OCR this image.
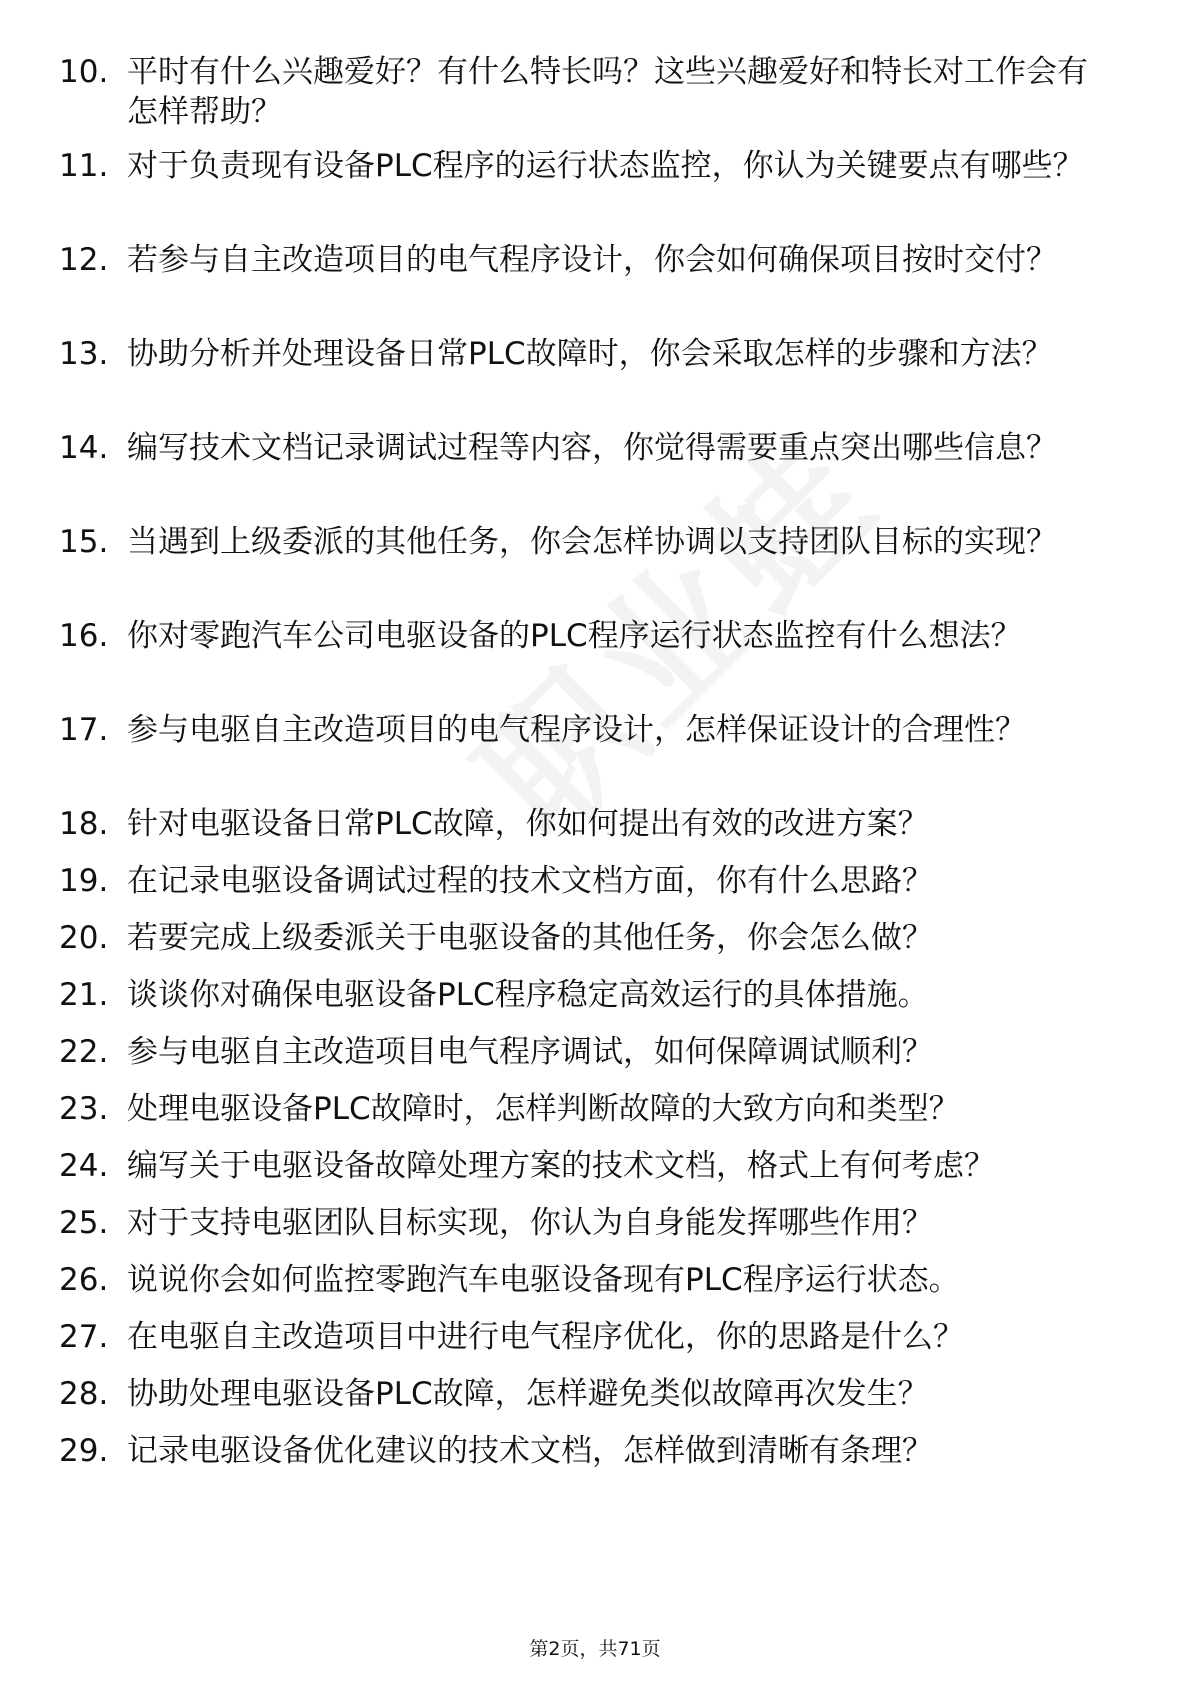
10. 平时有什么兴趣爱好？有什么特长吗？这些兴趣爱好和特长对工作会有怎样帮助？
11. 对于负责现有设备PLC程序的运行状态监控，你认为关键要点有哪些？
12. 若参与自主改造项目的电气程序设计，你会如何确保项目按时交付？
13. 协助分析并处理设备日常PLC故障时，你会采取怎样的步骤和方法？
14. 编写技术文档记录调试过程等内容，你觉得需要重点突出哪些信息？
15. 当遇到上级委派的其他任务，你会怎样协调以支持团队目标的实现？
16. 你对零跑汽车公司电驱设备的PLC程序运行状态监控有什么想法？
17. 参与电驱自主改造项目的电气程序设计，怎样保证设计的合理性？
18. 针对电驱设备日常PLC故障，你如何提出有效的改进方案？
19. 在记录电驱设备调试过程的技术文档方面，你有什么思路？
20. 若要完成上级委派关于电驱设备的其他任务，你会怎么做？
21. 谈谈你对确保电驱设备PLC程序稳定高效运行的具体措施。
22. 参与电驱自主改造项目电气程序调试，如何保障调试顺利？
23. 处理电驱设备PLC故障时，怎样判断故障的大致方向和类型？
24. 编写关于电驱设备故障处理方案的技术文档，格式上有何考虑？
25. 对于支持电驱团队目标实现，你认为自身能发挥哪些作用？
26. 说说你会如何监控零跑汽车电驱设备现有PLC程序运行状态。
27. 在电驱自主改造项目中进行电气程序优化，你的思路是什么？
28. 协助处理电驱设备PLC故障，怎样避免类似故障再次发生？
29. 记录电驱设备优化建议的技术文档，怎样做到清晰有条理？
第2页，共71页
